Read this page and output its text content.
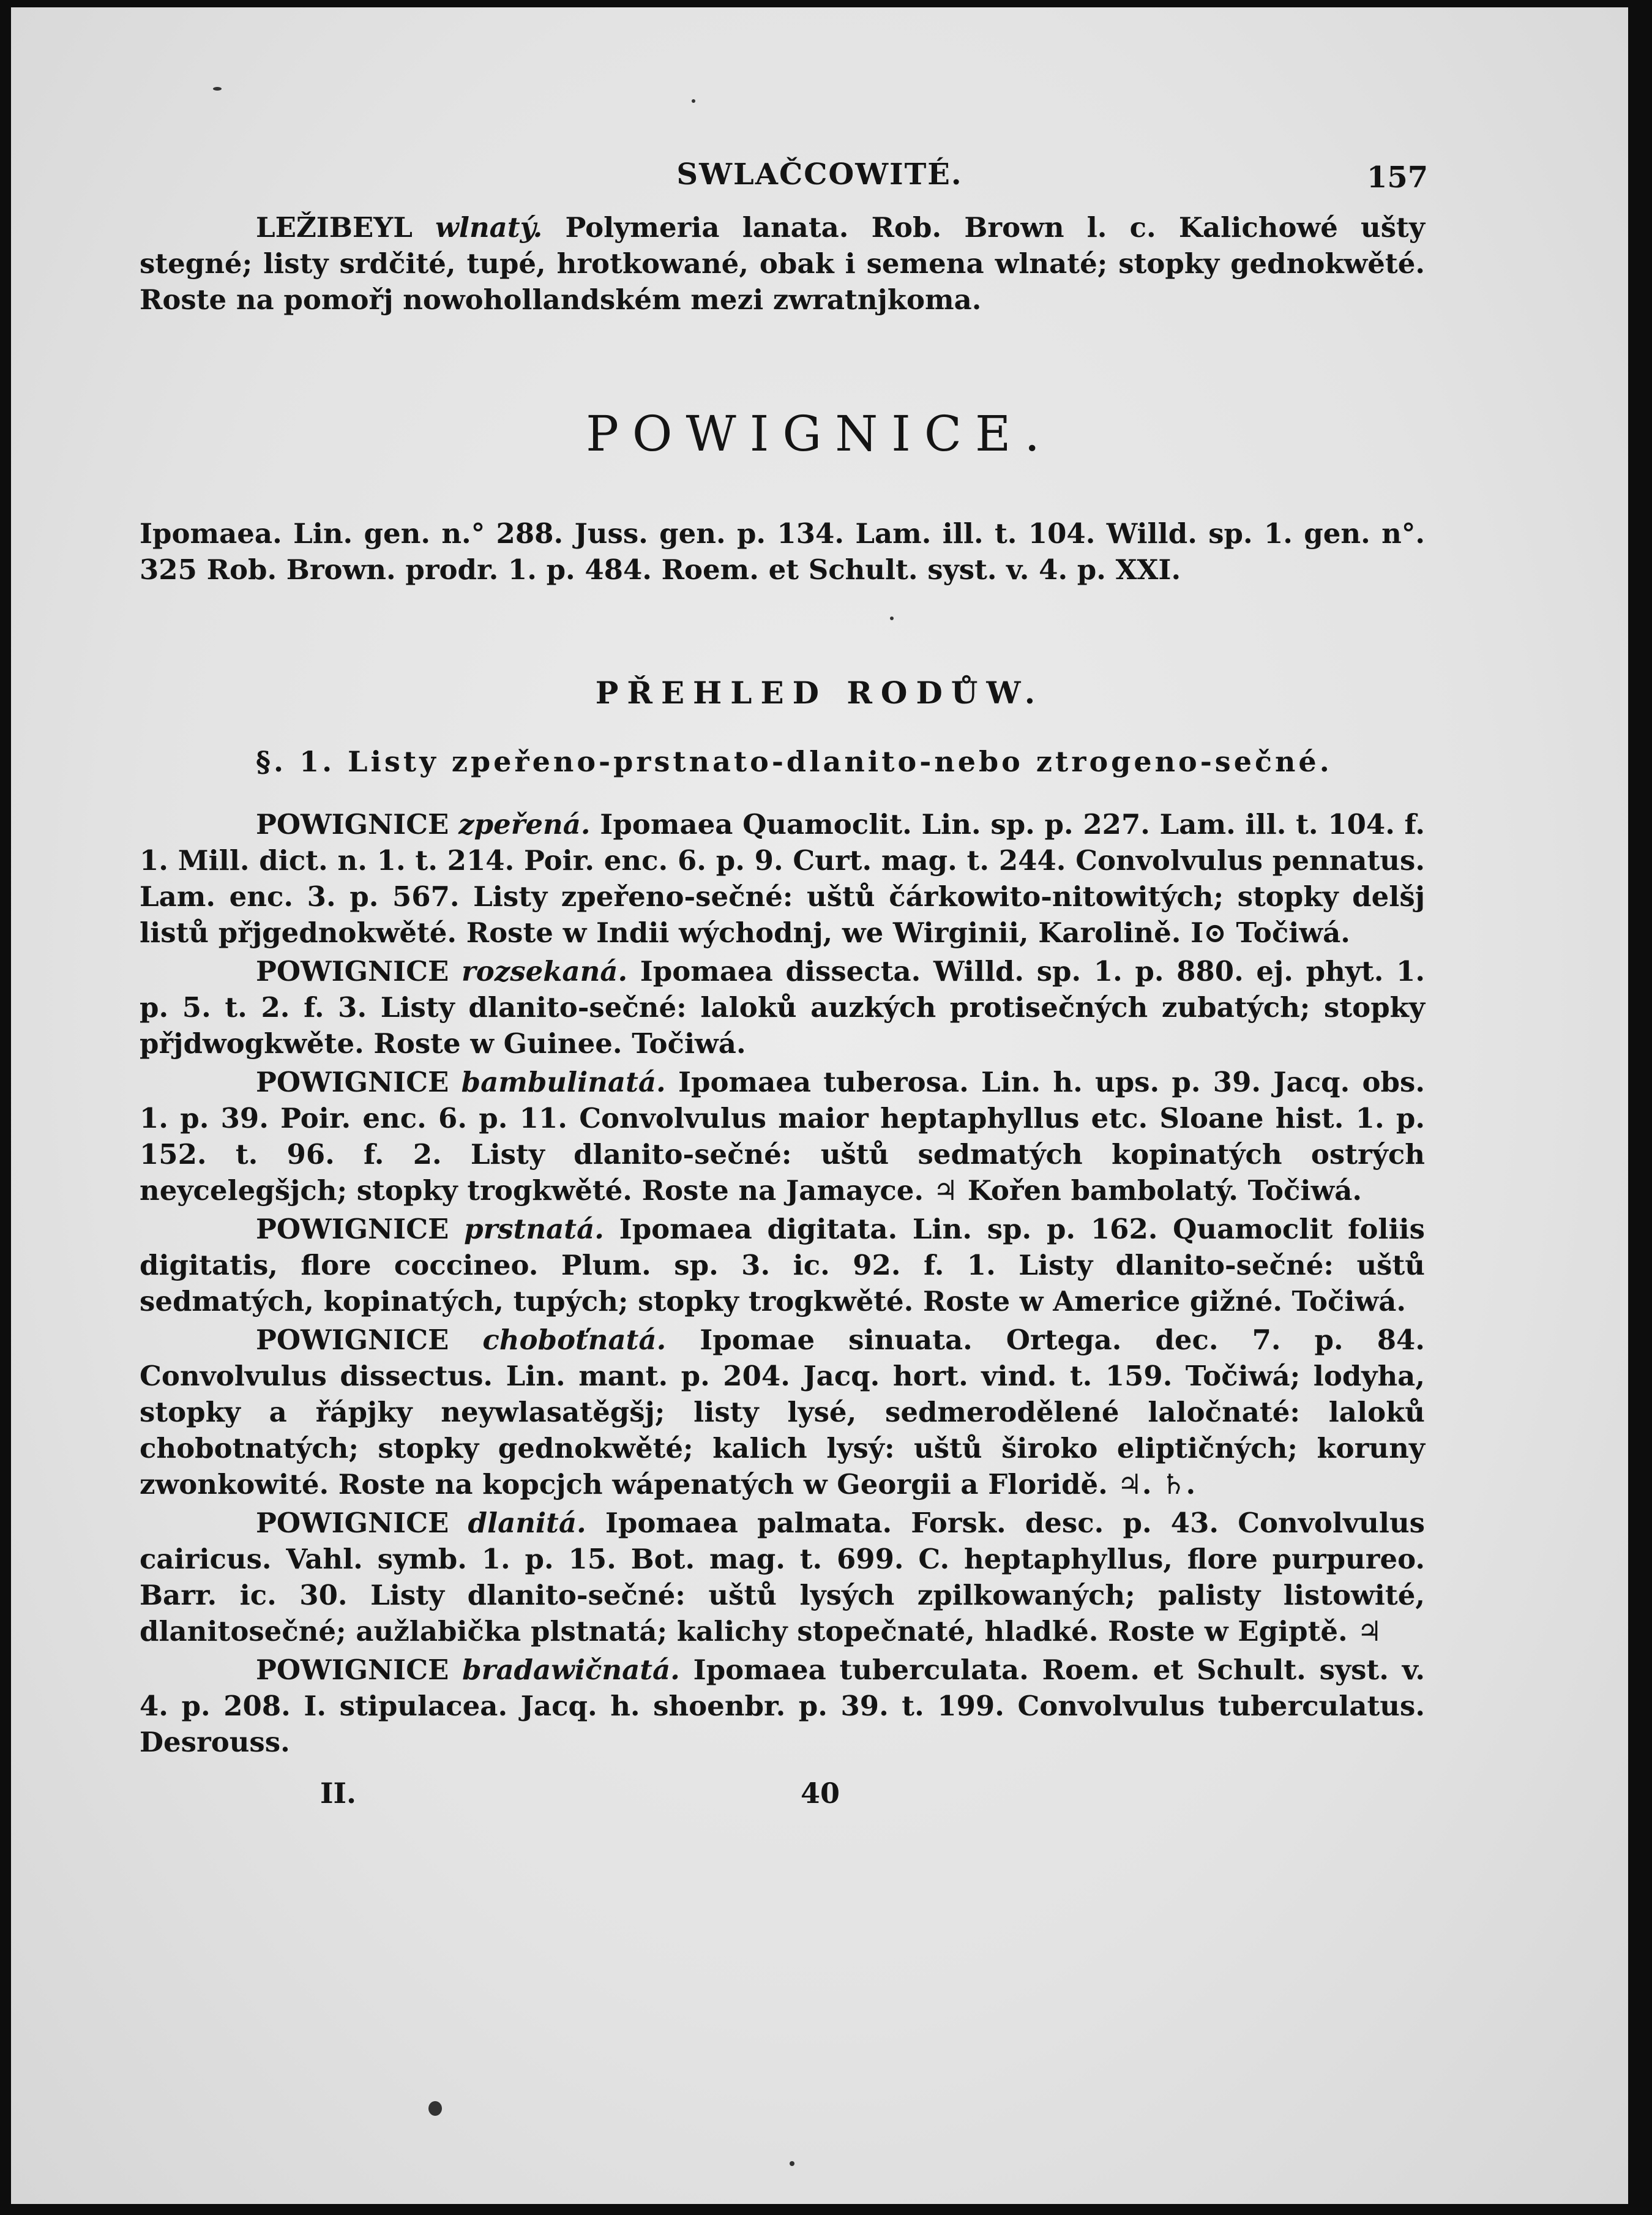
SWLAČCOWITÉ.	157

LEŽIBEYL wlnatý. Polymeria lanata. Rob. Brown l. c. Kalichowé ušty stegné; listy srdčité, tupé, hrotkowané, obak i semena wlnaté; stopky gednokwěté. Roste na pomořj nowohollandském mezi zwratnjkoma.

POWIGNICE.

Ipomaea. Lin. gen. n.° 288. Juss. gen. p. 134. Lam. ill. t. 104. Willd. sp. 1. gen. n°. 325 Rob. Brown. prodr. 1. p. 484. Roem. et Schult. syst. v. 4. p. XXI.

PŘEHLED RODŮW.
§. 1. Listy zpeřeno-prstnato-dlanito-nebo ztrogeno-sečné.

POWIGNICE zpeřená. Ipomaea Quamoclit. Lin. sp. p. 227. Lam. ill. t. 104. f. 1. Mill. dict. n. 1. t. 214. Poir. enc. 6. p. 9. Curt. mag. t. 244. Convolvulus pennatus. Lam. enc. 3. p. 567. Listy zpeřeno-sečné: uštů čárkowito-nitowitých; stopky delšj listů přjgednokwěté. Roste w Indii wýchodnj, we Wirginii, Karolině. I⊙ Točiwá.

POWIGNICE rozsekaná. Ipomaea dissecta. Willd. sp. 1. p. 880. ej. phyt. 1. p. 5. t. 2. f. 3. Listy dlanito-sečné: laloků auzkých protisečných zubatých; stopky přjdwogkwěte. Roste w Guinee. Točiwá.

POWIGNICE bambulinatá. Ipomaea tuberosa. Lin. h. ups. p. 39. Jacq. obs. 1. p. 39. Poir. enc. 6. p. 11. Convolvulus maior heptaphyllus etc. Sloane hist. 1. p. 152. t. 96. f. 2. Listy dlanito-sečné: uštů sedmatých kopinatých ostrých neycelegšjch; stopky trogkwěté. Roste na Jamayce. ♃ Kořen bambolatý. Točiwá.

POWIGNICE prstnatá. Ipomaea digitata. Lin. sp. p. 162. Quamoclit foliis digitatis, flore coccineo. Plum. sp. 3. ic. 92. f. 1. Listy dlanito-sečné: uštů sedmatých, kopinatých, tupých; stopky trogkwěté. Roste w Americe gižné. Točiwá.

POWIGNICE choboťnatá. Ipomae sinuata. Ortega. dec. 7. p. 84. Convolvulus dissectus. Lin. mant. p. 204. Jacq. hort. vind. t. 159. Točiwá; lodyha, stopky a řápjky neywlasatěgšj; listy lysé, sedmerodělené laločnaté: laloků chobotnatých; stopky gednokwěté; kalich lysý: uštů široko eliptičných; koruny zwonkowité. Roste na kopcjch wápenatých w Georgii a Floridě. ♃. ♄.

POWIGNICE dlanitá. Ipomaea palmata. Forsk. desc. p. 43. Convolvulus cairicus. Vahl. symb. 1. p. 15. Bot. mag. t. 699. C. heptaphyllus, flore purpureo. Barr. ic. 30. Listy dlanito-sečné: uštů lysých zpilkowaných; palisty listowité, dlanitosečné; aužlabička plstnatá; kalichy stopečnaté, hladké. Roste w Egiptě. ♃

POWIGNICE bradawičnatá. Ipomaea tuberculata. Roem. et Schult. syst. v. 4. p. 208. I. stipulacea. Jacq. h. shoenbr. p. 39. t. 199. Convolvulus tuberculatus. Desrouss.

II.	40
